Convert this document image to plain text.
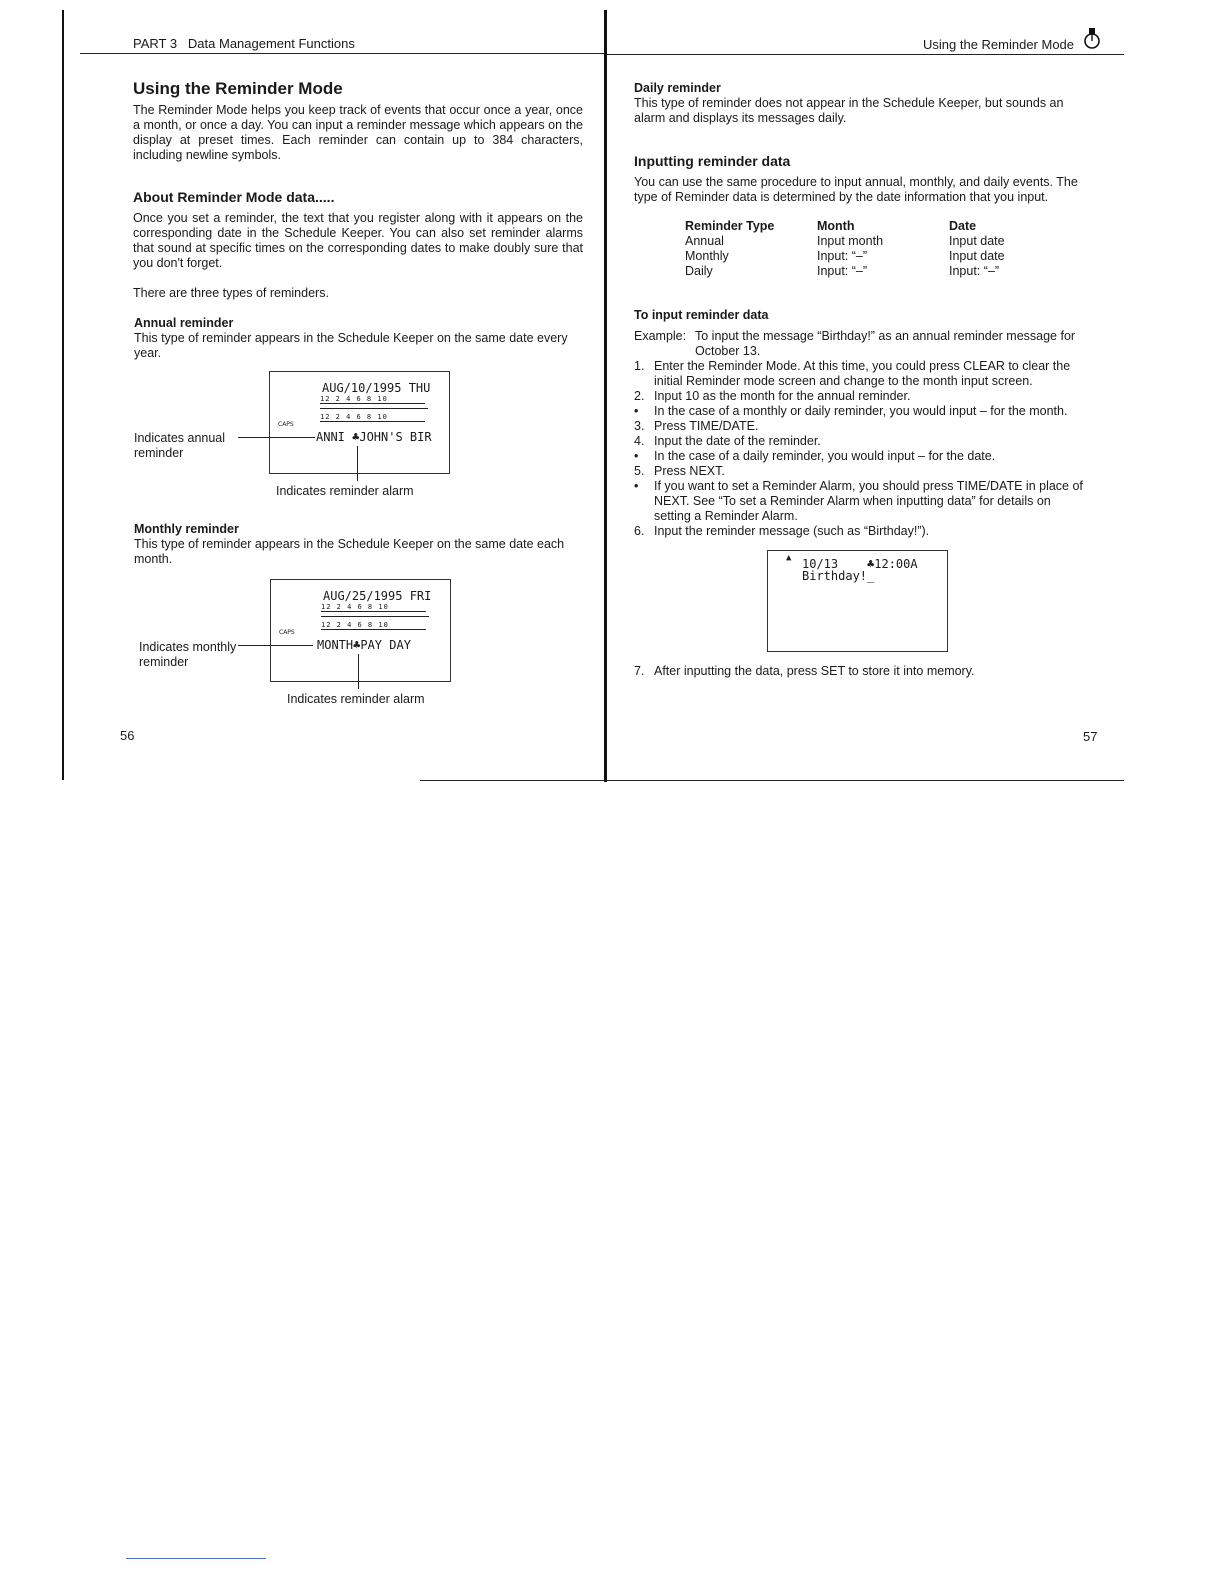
PART 3   Data Management Functions
Using the Reminder Mode

The Reminder Mode helps you keep track of events that occur once a year, once a month, or once a day. You can input a reminder message which appears on the display at preset times. Each reminder can contain up to 384 characters, including newline symbols.

About Reminder Mode data.....

Once you set a reminder, the text that you register along with it appears on the corresponding date in the Schedule Keeper. You can also set reminder alarms that sound at specific times on the corresponding dates to make doubly sure that you don't forget.

There are three types of reminders.

Annual reminder

This type of reminder appears in the Schedule Keeper on the same date every year.

AUG/10/1995 THU
12 2 4 6 8 10
CAPS
12 2 4 6 8 10
ANNI ♣JOHN'S BIR
Indicates annual reminder
Indicates reminder alarm
Monthly reminder

This type of reminder appears in the Schedule Keeper on the same date each month.

AUG/25/1995 FRI
12 2 4 6 8 10
CAPS
12 2 4 6 8 10
MONTH♣PAY DAY
Indicates monthly reminder
Indicates reminder alarm
56
Using the Reminder Mode
Daily reminder

This type of reminder does not appear in the Schedule Keeper, but sounds an alarm and displays its messages daily.

Inputting reminder data

You can use the same procedure to input annual, monthly, and daily events. The type of Reminder data is determined by the date information that you input.

Reminder Type	Month	Date
Annual	Input month	Input date
Monthly	Input: “–”	Input date
Daily	Input: “–”	Input: “–”
To input reminder data
Example: To input the message “Birthday!” as an annual reminder message for October 13.
1. Enter the Reminder Mode. At this time, you could press CLEAR to clear the initial Reminder mode screen and change to the month input screen.
2. Input 10 as the month for the annual reminder.
• In the case of a monthly or daily reminder, you would input – for the month.
3. Press TIME/DATE.
4. Input the date of the reminder.
• In the case of a daily reminder, you would input – for the date.
5. Press NEXT.
• If you want to set a Reminder Alarm, you should press TIME/DATE in place of NEXT. See “To set a Reminder Alarm when inputting data” for details on setting a Reminder Alarm.
6. Input the reminder message (such as “Birthday!”).
▲ 10/13    ♣12:00A
Birthday!_
7. After inputting the data, press SET to store it into memory.
57
